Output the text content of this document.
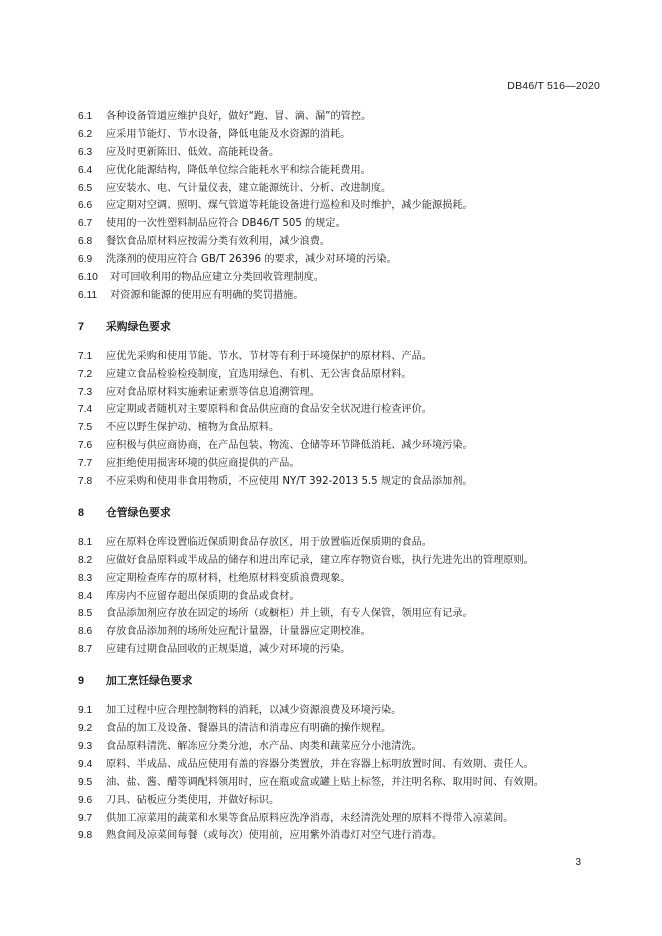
DB46/T 516—2020
6.1	各种设备管道应维护良好，做好“跑、冒、滴、漏”的管控。
6.2	应采用节能灯、节水设备，降低电能及水资源的消耗。
6.3	应及时更新陈旧、低效、高能耗设备。
6.4	应优化能源结构，降低单位综合能耗水平和综合能耗费用。
6.5	应安装水、电、气计量仪表，建立能源统计、分析、改进制度。
6.6	应定期对空调、照明、煤气管道等耗能设备进行巡检和及时维护，减少能源损耗。
6.7	使用的一次性塑料制品应符合 DB46/T 505 的规定。
6.8	餐饮食品原材料应按需分类有效利用，减少浪费。
6.9	洗涤剂的使用应符合 GB/T 26396 的要求，减少对环境的污染。
6.10	对可回收利用的物品应建立分类回收管理制度。
6.11	对资源和能源的使用应有明确的奖罚措施。
7	采购绿色要求
7.1	应优先采购和使用节能、节水、节材等有利于环境保护的原材料、产品。
7.2	应建立食品检验检疫制度，宜选用绿色、有机、无公害食品原材料。
7.3	应对食品原材料实施索证索票等信息追溯管理。
7.4	应定期或者随机对主要原料和食品供应商的食品安全状况进行检查评价。
7.5	不应以野生保护动、植物为食品原料。
7.6	应积极与供应商协商，在产品包装、物流、仓储等环节降低消耗、减少环境污染。
7.7	应拒绝使用损害环境的供应商提供的产品。
7.8	不应采购和使用非食用物质，不应使用 NY/T 392-2013 5.5 规定的食品添加剂。
8	仓管绿色要求
8.1	应在原料仓库设置临近保质期食品存放区，用于放置临近保质期的食品。
8.2	应做好食品原料或半成品的储存和进出库记录，建立库存物资台账，执行先进先出的管理原则。
8.3	应定期检查库存的原材料，杜绝原材料变质浪费现象。
8.4	库房内不应留存超出保质期的食品或食材。
8.5	食品添加剂应存放在固定的场所（或橱柜）并上锁，有专人保管，领用应有记录。
8.6	存放食品添加剂的场所处应配计量器，计量器应定期校准。
8.7	应建有过期食品回收的正规渠道，减少对环境的污染。
9	加工烹饪绿色要求
9.1	加工过程中应合理控制物料的消耗，以减少资源浪费及环境污染。
9.2	食品的加工及设备、餐器具的清洁和消毒应有明确的操作规程。
9.3	食品原料清洗、解冻应分类分池，水产品、肉类和蔬菜应分小池清洗。
9.4	原料、半成品、成品应使用有盖的容器分类置放，并在容器上标明放置时间、有效期、责任人。
9.5	油、盐、酱、醋等调配料领用时，应在瓶或盒或罐上贴上标签，并注明名称、取用时间、有效期。
9.6	刀具、砧板应分类使用，并做好标识。
9.7	供加工凉菜用的蔬菜和水果等食品原料应洗净消毒，未经清洗处理的原料不得带入凉菜间。
9.8	熟食间及凉菜间每餐（或每次）使用前，应用紫外消毒灯对空气进行消毒。
3
